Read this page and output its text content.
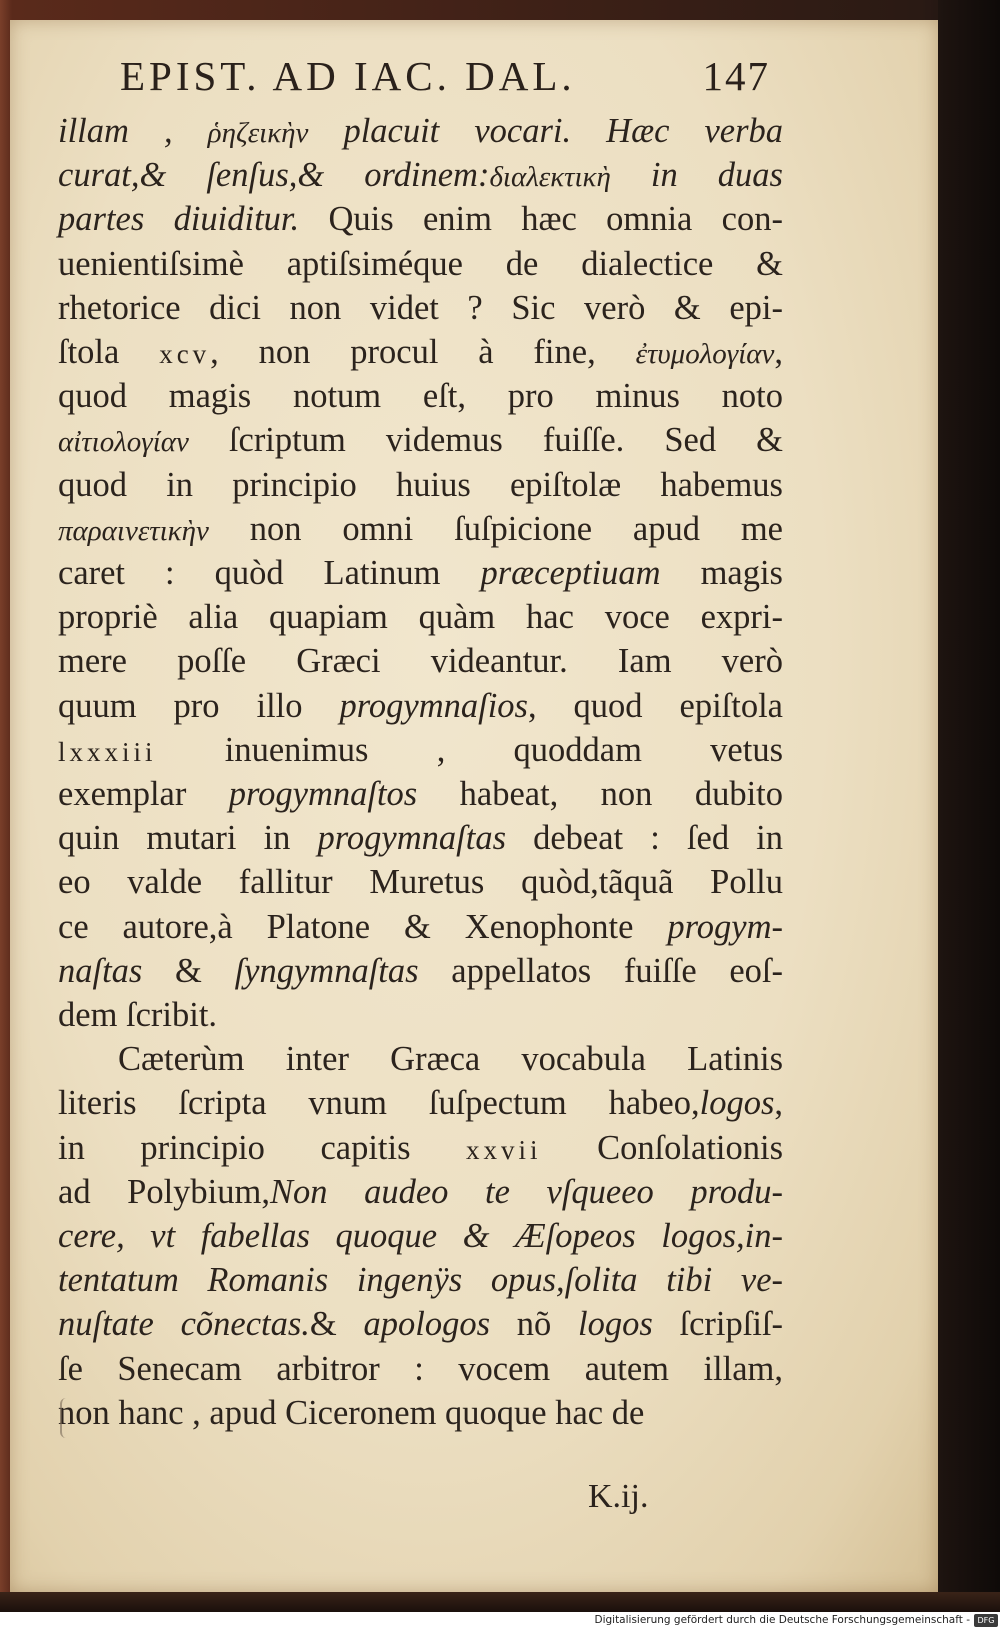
EPIST. AD IAC. DAL.	147
illam , ῥηζεικὴν placuit vocari. Hæc verba
curat,& ſenſus,& ordinem:διαλεκτικὴ in duas
partes diuiditur. Quis enim hæc omnia con-
uenientiſsimè aptiſsiméque de dialectice &
rhetorice dici non videt ? Sic verò & epi-
ſtola xcv, non procul à fine, ἐτυμολογίαν,
quod magis notum eſt, pro minus noto
αἰτιολογίαν ſcriptum videmus fuiſſe. Sed &
quod in principio huius epiſtolæ habemus
παραινετικὴν non omni ſuſpicione apud me
caret : quòd Latinum præceptiuam magis
propriè alia quapiam quàm hac voce expri-
mere poſſe Græci videantur. Iam verò
quum pro illo progymnaſios, quod epiſtola
lxxxiii inuenimus , quoddam vetus
exemplar progymnaſtos habeat, non dubito
quin mutari in progymnaſtas debeat : ſed in
eo valde fallitur Muretus quòd,tãquã Pollu
ce autore,à Platone & Xenophonte progym-
naſtas & ſyngymnaſtas appellatos fuiſſe eoſ-
dem ſcribit.
Cæterùm inter Græca vocabula Latinis
literis ſcripta vnum ſuſpectum habeo,logos,
in principio capitis xxvii Conſolationis
ad Polybium,Non audeo te vſqueeo produ-
cere, vt fabellas quoque & Æſopeos logos,in-
tentatum Romanis ingenÿs opus,ſolita tibi ve-
nuſtate cõnectas.& apologos nõ logos ſcripſiſ-
ſe Senecam arbitror : vocem autem illam,
non hanc , apud Ciceronem quoque hac de
K.ij.
Digitalisierung gefördert durch die Deutsche Forschungsgemeinschaft - DFG
